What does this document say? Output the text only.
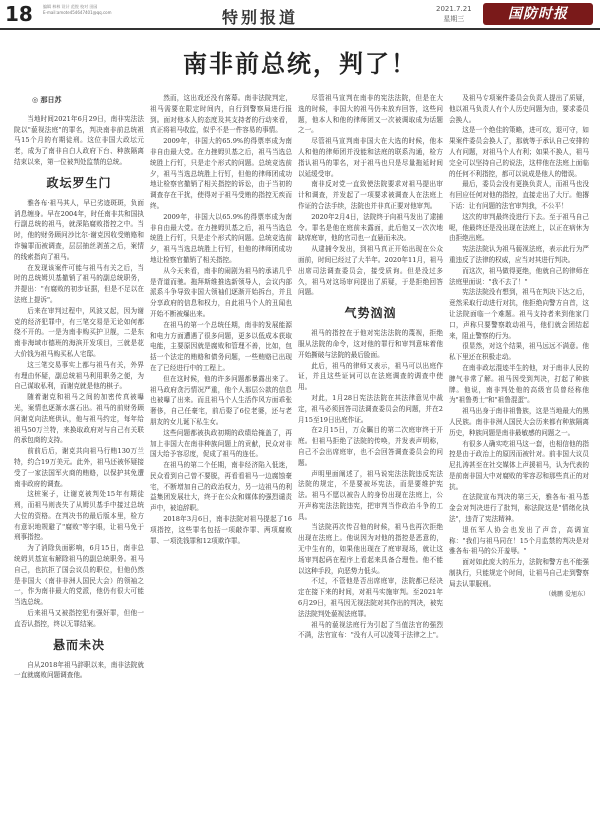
18	编辑 林林 设计 范悦 校对 田园
E-mail:amote454647401@qq.com	特别报道	2021.7.21
星期三	国防时报
南非前总统，判了！
◎ 那日苏

当地时间2021年6月29日，南非宪法法院以"藐视法庭"的罪名，判决南非前总统祖马15个月的有期徒刑。这位非国大政坛元老，成为了南非自白人政府下台、种族隔离结束以来，第一位被判处监禁的总统。

政坛罗生门

雅各布·祖马其人，早已劣迹斑斑，负面消息缠身。早在2004年，时任南非共和国执行副总统的祖马，就深陷腐败指控之中。当时，他的财务顾问沙比尔·谢克因收受贿赂和诈骗罪而被调查，层层抽丝剥茧之后，案情的线索指向了祖马。

在发现该案件可能与祖马有关之后，当时的总统姆贝基撤销了祖马的副总统职务，并提出："有腐败的初步证据，但是不足以在法庭上提诉"。

后来在审判过程中，风波又起，因为谢克的经济犯罪中，有三笔交易是无论如何都绕不开的。一是为南非购买护卫舰，二是东南非海域市德班的海滨开发项目，三就是花大价钱为祖马购买私人宅邸。

这三笔交易事实上都与祖马有关，外界有理由怀疑，副总统祖马利用职务之便，为自己谋取私利，而谢克就是他的棋子。

随着谢克和祖马之间的加密传真被曝光，案情也逐渐水落石出。祖马的前财务顾问谢克向法庭供认，他与祖马约定，每年给祖马50万兰特，来换取政府对与自己有关联的承包商的支持。

前前后后，谢克共向祖马行贿130万兰特，约合19万美元。此外，祖马还被怀疑接受了一家法国军火商的贿赂，以保护其免遭南非政府的调查。

这桩案子，让谢克被判处15年有期徒刑，而祖马则丧失了从姆贝基手中接过总统大位的资格。在判决书的最后版本里，检方有意识地规避了"腐败"等字眼，让祖马免于刑事指控。

为了消除负面影响，6月15日，南非总统姆贝基宣布解除祖马的副总统职务。祖马自己，也抗拒了国会议员的职位，但他仍然是非国大（南非非洲人国民大会）的领袖之一，作为南非最大的党派，他仍有很大可能当选总统。

后来祖马又被指控犯有强奸罪，但他一直否认指控，终以无罪结案。

悬而未决

自从2018年祖马辞职以来，南非法院就一直就腐败问题调查他。

然而，这出戏还没有落幕。南非法院判定，祖马需要在限定时间内，自行到警察局进行报到。面对他本人的态度及其支持者的行动来看，真正将祖马收监，似乎不是一件容易的事情。

2009年，非国大的65.9%的得票率成为南非自由最大党。在力挫姆贝基之后，祖马当选总统胜上行钉，只是走个形式的问题。总统竞选前夕，祖马当选总统胜上行钉，但他的律师团成功地让检察官撤销了相关指控的诉讼，由于当初的调查存在干扰，使得对于祖马受贿的指控无疾而终。

2009年，非国大以65.9%的得票率成为南非自由最大党。在力挫姆贝基之后，祖马当选总统胜上行钉，只是走个形式的问题。总统竞选前夕，祖马当选总统胜上行钉，但他的律师团成功地让检察官撤销了相关指控。

从今天来看，南非的闹剧为祖马的承诺几乎是背道而驰。拖拜斯维推选新领导人，会议内部派系斗争导致非国大领袖们逐渐开始拆台，并且分享政府的信息和权力，自此祖马个人的丑闻也开始不断被爆出来。

在祖马的第一个总统任期，南非的发展能源和电力方面遭遇了很多问题，更多以低成本获取电能，主要原因就是腐败和管理不善，比如，包括一个法定的贿赂和债务问题，一些贿赂已出现在了已经进行中的工程上。

但在这时候，他的许多问题都暴露出来了。祖马政府贪污情况严重，他个人那层公款的信息也被曝了出来。而且祖马个人生活作风方面乖张奢侈，自己任豪宅，前后娶了6位老婆，还与老朋友的女儿诞下私生女。

这些问题都被执政初期的政绩给掩盖了，再加上非国大在南非种族问题上的贡献，民众对非国大给予容忍度，促成了祖马的连任。

在祖马的第二个任期，南非经济陷入低迷，民众看到自己曾不要脱，再看看祖马一边腐蚀豪宅，不断增加自己的政治权力，另一边祖马的利益集团发展壮大，终于在公众和媒体的强烈谴责声中，被迫辞职。

2018年3月6日，南非法院对祖马提起了16项指控，这些罪名包括一项敲诈罪、两项腐败罪、一项洗钱罪和12项欺诈罪。

尽管祖马宣判在南非的宪法法院，但是在大选的时候，非国大的祖马仍未放弃回答，这些问题，他本人和他的律师团又一次被调取成为话题之一。

尽管祖马宣判南非国大在大选的时候，他本人和他的律师团并没能和法庭的联系沟通，检方指认祖马的罪名，对于祖马也只是尽量拖延时间以延缓受审。

南非反对党一直致使法院要求对祖马提出审计和调查，并发起了一项要求被调查人在法庭上作证的合法手续，法院也并非真正要对他审判。

2020年2月4日，法院终于向祖马发出了逮捕令。罪名是他在庭前未露面，此后他又一次次地缺席庭审，他的官司也一直悬而未决。

从逮捕令发出，到祖马真正开始出现在公众面前，时间已经过了大半年。2020年11月，祖马出席司法调查委员会，接受质询。但是没过多久，祖马对这场审问提出了质疑，于是拒绝回答问题。

气势汹汹

祖马的指控在于他对宪法法院的蔑视，拒绝服从法院的命令，这对他的罪行和审判意味着他开始撕破与法院的最后脸面。

此后，祖马的律师又表示，祖马可以出庭作证，并且这些证词可以在法庭调查的调查中使用。

对此，1月28日宪法法院在其法律意见中裁定，祖马必须回答司法调查委员会的问题，并在2月15至19日出庭作证。

在2月15日，万众瞩目的第二次庭审终于开庭。但祖马拒绝了法院的传唤，并发表声明称，自己不会出席庭审，也不会回答调查委员会的问题。

声明里面阐述了，祖马说宪法法院违反宪法法院的规定，不是要被坏宪法，而是要维护宪法。祖马不愿以被告人的身份出现在法庭上，公开声称宪法法院违宪，把审判当作政治斗争的工具。

当法院再次传召他的时候，祖马也再次拒绝出现在法庭上。他说因为对他的指控是恶意的，无中生有的，如果他出现在了庭审现场，就让这场审判起码在程序上看起来具备合理性。他不能以这种手段，向恶势力低头。

不过，不管他是否出席庭审，法院都已经决定在接下来的时间，对祖马实施审判。至2021年6月29日，祖马因无视法院对其作出的判决，被宪法法院判处藐视法庭罪。

祖马的藐视法庭行为引起了当值法官的强烈不满，法官宣布："没有人可以凌驾于法律之上"。

及祖马专项案件委员会负责人提出了质疑，他以祖马负责人有个人历史问题为由，要求委员会换人。

这是一个绝佳的策略，进可攻，退可守，如果案件委员会换人了，那就等于承认自己安排的人有问题，对祖马个人有利；如果不换人，祖马完全可以坚持自己的说法，这样他在法庭上面临的任何不利指控，都可以说成是他人的错误。

最后，委员会没有更换负责人，而祖马也没有回应任何对他的指控，直接走出了大厅。他撂下话：让有问题的法官审判我，不公平！

这次的审判最终没进行下去。至于祖马自己呢，他最终还是没出现在法庭上，以正在病休为由拒绝出庭。

宪法法院认为祖马藐视法庭，表示此行为严重违反了法律的权威，应当对其进行判决。

而这次，祖马做得更绝，他就自己的律师在法庭里面说："我不去了！"

宪法法院没有想到，祖马在判决下达之后，竟然采取行动进行对抗，他拒绝向警方自首，这让法院面临一个难题。祖马支持者来到他家门口，声称只要警察敢动祖马，他们就会团结起来，阻止警察的行为。

很显然，对这个结果，祖马远远不满意。他私下里还在积极走动。

在南非政坛混迹半生的他，对于南非人民的脾气非常了解。祖马因受到判决，打起了种族牌。他说，南非判处他的高级官员曾经称他为"祖鲁勇士"和"祖鲁混蛋"。

祖马出身于南非祖鲁族，这是当地最大的黑人民族。南非非洲人国民大会历来都有种族隔离历史，种族问题是南非最敏感的问题之一。

有很多人确实吃祖马这一套，也相信他的指控是由于政治上的原因而被针对。前非国大议员尼扎涛甚至在社交媒体上声援祖马，认为代表的是前南非国大中对腐败的零容忍和那些真正的对抗。

在法院宣布判决的第三天，雅各布·祖马基金会对判决进行了批判，称法院这是"情绪化执法"，违背了宪法精神。

退伍军人协会也发出了声音，高调宣称："我们与祖马同在！15个月监禁的判决是对雅各布·祖马的公开羞辱。"

面对如此庞大的压力，法院和警方也不能强制执行，只能规定个时间，让祖马自己走到警察局去认罪服刑。

（姚鹏 爱旭东）
